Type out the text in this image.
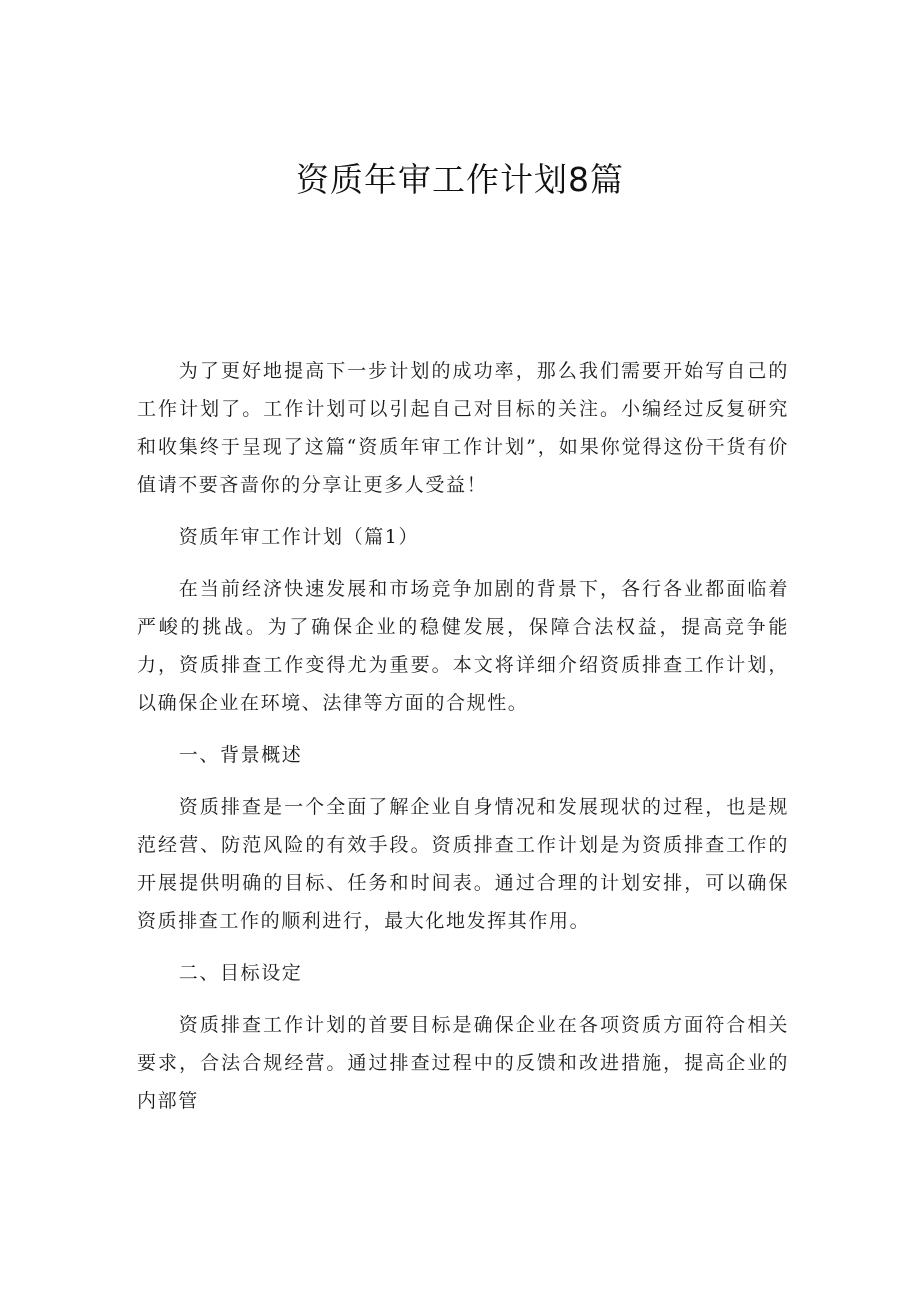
资质年审工作计划8篇

为了更好地提高下一步计划的成功率，那么我们需要开始写自己的工作计划了。工作计划可以引起自己对目标的关注。小编经过反复研究和收集终于呈现了这篇“资质年审工作计划”，如果你觉得这份干货有价值请不要吝啬你的分享让更多人受益！

资质年审工作计划（篇1）

在当前经济快速发展和市场竞争加剧的背景下，各行各业都面临着严峻的挑战。为了确保企业的稳健发展，保障合法权益，提高竞争能力，资质排查工作变得尤为重要。本文将详细介绍资质排查工作计划，以确保企业在环境、法律等方面的合规性。

一、背景概述

资质排查是一个全面了解企业自身情况和发展现状的过程，也是规范经营、防范风险的有效手段。资质排查工作计划是为资质排查工作的开展提供明确的目标、任务和时间表。通过合理的计划安排，可以确保资质排查工作的顺利进行，最大化地发挥其作用。

二、目标设定

资质排查工作计划的首要目标是确保企业在各项资质方面符合相关要求，合法合规经营。通过排查过程中的反馈和改进措施，提高企业的内部管
